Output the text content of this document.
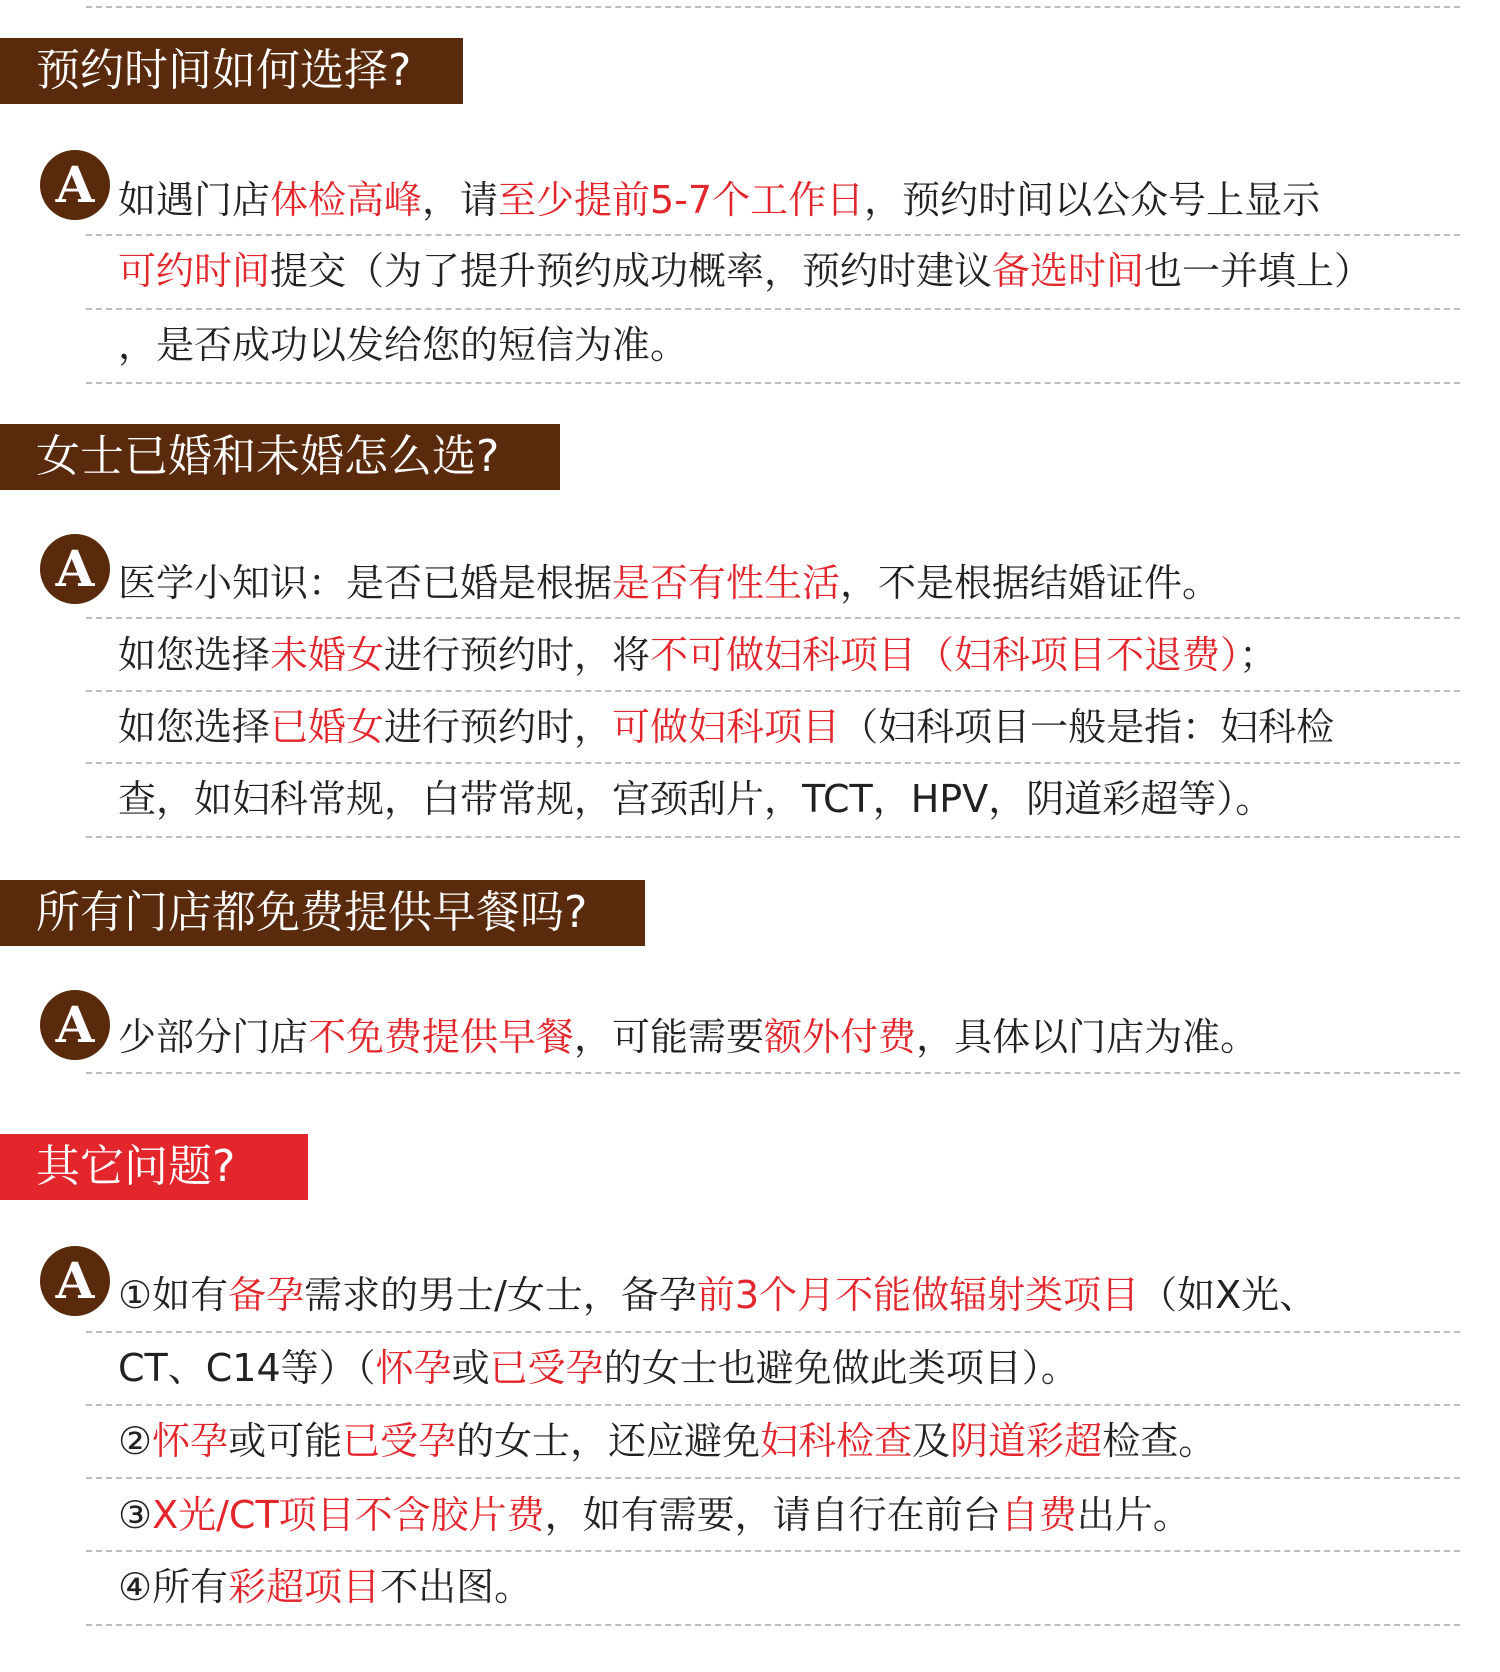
预约时间如何选择?
A 如遇门店体检高峰，请至少提前5-7个工作日，预约时间以公众号上显示
可约时间提交（为了提升预约成功概率，预约时建议备选时间也一并填上）
，是否成功以发给您的短信为准。
女士已婚和未婚怎么选?
A 医学小知识：是否已婚是根据是否有性生活，不是根据结婚证件。
如您选择未婚女进行预约时，将不可做妇科项目（妇科项目不退费）；
如您选择已婚女进行预约时，可做妇科项目（妇科项目一般是指：妇科检
查，如妇科常规，白带常规，宫颈刮片，TCT，HPV，阴道彩超等）。
所有门店都免费提供早餐吗?
A 少部分门店不免费提供早餐，可能需要额外付费，具体以门店为准。
其它问题?
A ①如有备孕需求的男士/女士，备孕前3个月不能做辐射类项目（如X光、
CT、C14等）（怀孕或已受孕的女士也避免做此类项目）。
②怀孕或可能已受孕的女士，还应避免妇科检查及阴道彩超检查。
③X光/CT项目不含胶片费，如有需要，请自行在前台自费出片。
④所有彩超项目不出图。
